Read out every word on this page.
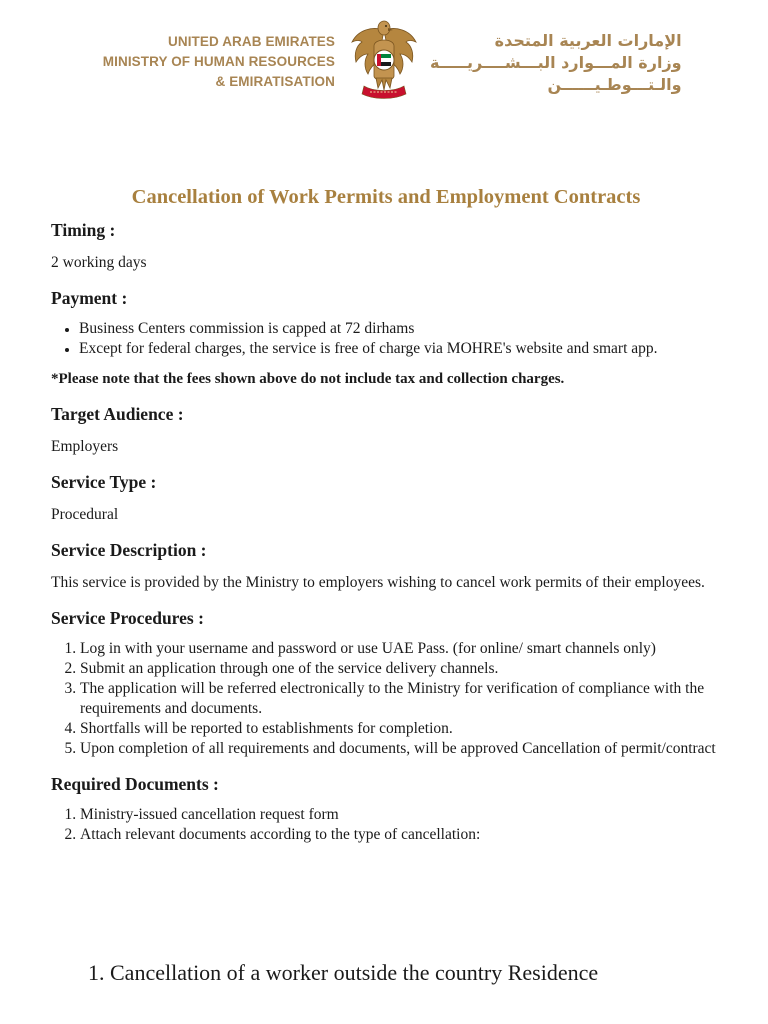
UNITED ARAB EMIRATES
MINISTRY OF HUMAN RESOURCES
& EMIRATISATION
الإمارات العربية المتحدة
وزارة المـــوارد البـــشــــريـــــة
والـتـــوطـيــــــن
Cancellation of Work Permits and Employment Contracts
Timing :

2 working days

Payment :
• Business Centers commission is capped at 72 dirhams
• Except for federal charges, the service is free of charge via MOHRE's website and smart app.

*Please note that the fees shown above do not include tax and collection charges.

Target Audience :

Employers

Service Type :

Procedural

Service Description :

This service is provided by the Ministry to employers wishing to cancel work permits of their employees.

Service Procedures :
1. Log in with your username and password or use UAE Pass. (for online/ smart channels only)
2. Submit an application through one of the service delivery channels.
3. The application will be referred electronically to the Ministry for verification of compliance with the requirements and documents.
4. Shortfalls will be reported to establishments for completion.
5. Upon completion of all requirements and documents, will be approved Cancellation of permit/contract
Required Documents :
1. Ministry-issued cancellation request form
2. Attach relevant documents according to the type of cancellation:
1. Cancellation of a worker outside the country Residence
